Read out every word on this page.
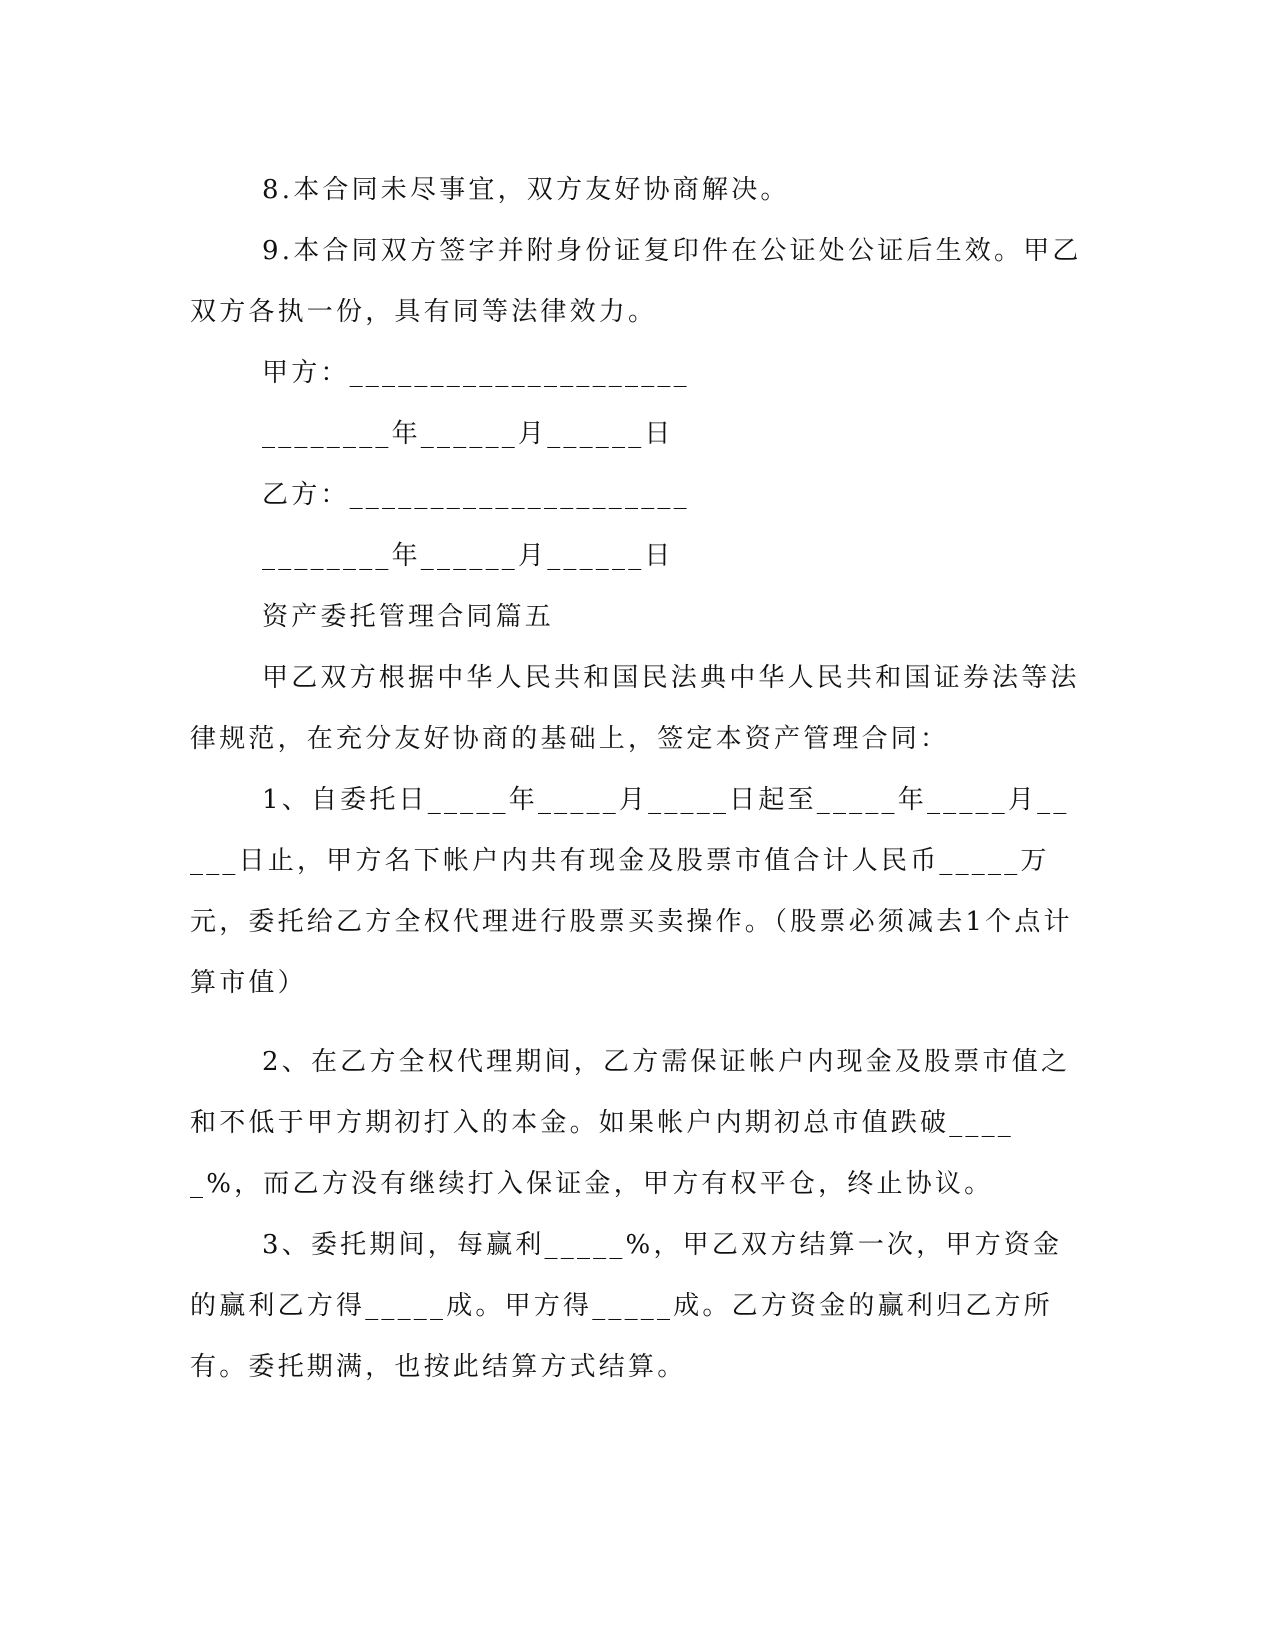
8.本合同未尽事宜，双方友好协商解决。

9.本合同双方签字并附身份证复印件在公证处公证后生效。甲乙双方各执一份，具有同等法律效力。

甲方：_____________________

________年______月______日

乙方：_____________________

________年______月______日

资产委托管理合同篇五

甲乙双方根据中华人民共和国民法典中华人民共和国证券法等法律规范，在充分友好协商的基础上，签定本资产管理合同：

1、自委托日_____年_____月_____日起至_____年_____月_____日止，甲方名下帐户内共有现金及股票市值合计人民币_____万元，委托给乙方全权代理进行股票买卖操作。（股票必须减去1个点计算市值）

2、在乙方全权代理期间，乙方需保证帐户内现金及股票市值之和不低于甲方期初打入的本金。如果帐户内期初总市值跌破_____%，而乙方没有继续打入保证金，甲方有权平仓，终止协议。

3、委托期间，每赢利_____%，甲乙双方结算一次，甲方资金的赢利乙方得_____成。甲方得_____成。乙方资金的赢利归乙方所有。委托期满，也按此结算方式结算。
